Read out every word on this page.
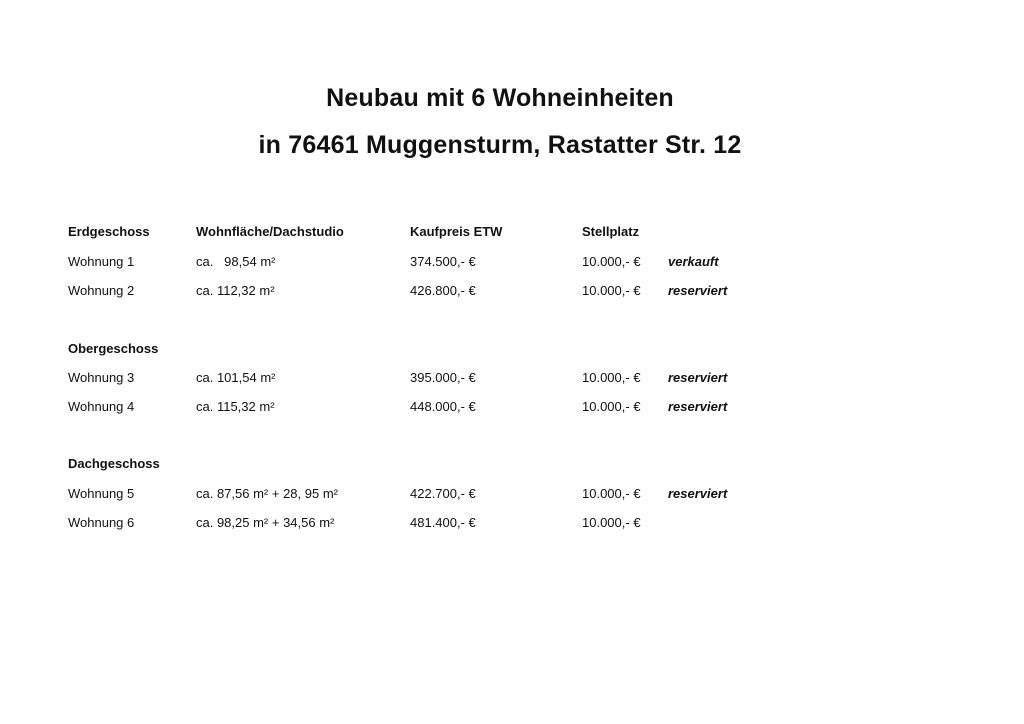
Neubau mit 6 Wohneinheiten
in 76461 Muggensturm, Rastatter Str. 12
Erdgeschoss	Wohnfläche/Dachstudio	Kaufpreis ETW	Stellplatz
Wohnung 1	ca.   98,54 m²	374.500,- €	10.000,- € verkauft
Wohnung 2	ca. 112,32 m²	426.800,- €	10.000,- € reserviert
Obergeschoss
Wohnung 3	ca. 101,54 m²	395.000,- €	10.000,- € reserviert
Wohnung 4	ca. 115,32 m²	448.000,- €	10.000,- € reserviert
Dachgeschoss
Wohnung 5	ca. 87,56 m² + 28, 95 m²	422.700,- €	10.000,- € reserviert
Wohnung 6	ca. 98,25 m² + 34,56 m²	481.400,- €	10.000,- €
